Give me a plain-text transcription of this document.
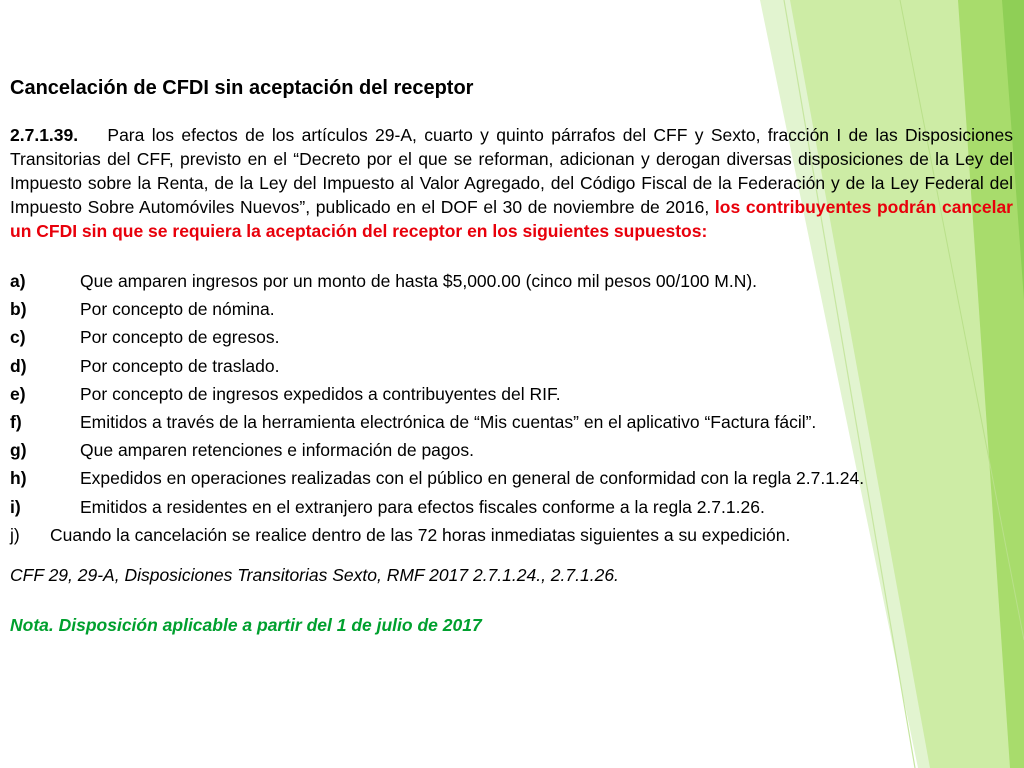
Cancelación de CFDI sin aceptación del receptor
2.7.1.39. Para los efectos de los artículos 29-A, cuarto y quinto párrafos del CFF y Sexto, fracción I de las Disposiciones Transitorias del CFF, previsto en el “Decreto por el que se reforman, adicionan y derogan diversas disposiciones de la Ley del Impuesto sobre la Renta, de la Ley del Impuesto al Valor Agregado, del Código Fiscal de la Federación y de la Ley Federal del Impuesto Sobre Automóviles Nuevos”, publicado en el DOF el 30 de noviembre de 2016, los contribuyentes podrán cancelar un CFDI sin que se requiera la aceptación del receptor en los siguientes supuestos:
a)	Que amparen ingresos por un monto de hasta $5,000.00 (cinco mil pesos 00/100 M.N).
b)	Por concepto de nómina.
c)	Por concepto de egresos.
d)	Por concepto de traslado.
e)	Por concepto de ingresos expedidos a contribuyentes del RIF.
f)	Emitidos a través de la herramienta electrónica de “Mis cuentas” en el aplicativo “Factura fácil”.
g)	Que amparen retenciones e información de pagos.
h)	Expedidos en operaciones realizadas con el público en general de conformidad con la regla 2.7.1.24.
i)	Emitidos a residentes en el extranjero para efectos fiscales conforme a la regla 2.7.1.26.
j)	Cuando la cancelación se realice dentro de las 72 horas inmediatas siguientes a su expedición.
CFF 29, 29-A, Disposiciones Transitorias Sexto, RMF 2017 2.7.1.24., 2.7.1.26.
Nota. Disposición aplicable a partir del 1 de julio de 2017
